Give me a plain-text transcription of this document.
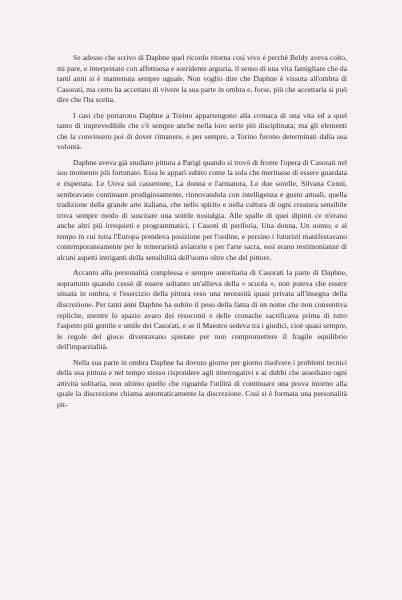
Se adesso che scrivo di Daphne quel ricordo ritorna così vivo è perchè Beldy aveva colto, mi pare, e interpretato con affettuosa e sorridente arguzia, il senso di una vita famigliare che da tanti anni si è mantenuta sempre uguale. Non voglio dire che Daphne è vissuta all'ombra di Casorati, ma certo ha accettato di vivere la sua parte in ombra e, forse, più che accettarla si può dire che l'ha scelta.

I casi che portarono Daphne a Torino appartengono alla cronaca di una vita ed a quel tanto di imprevedibile che c'è sempre anche nella loro serie più disciplinata; ma gli elementi che la convinsero poi di dover rimanere, e per sempre, a Torino furono determinati dalla sua volontà.

Daphne aveva già studiato pittura a Parigi quando si trovò di fronte l'opera di Casorati nel suo momento più fortunato. Essa le apparì subito come la sola che meritasse di essere guardata e rispettata. Le Uova sul cassettone, La donna e l'armatura, Le due sorelle, Silvana Cenni, sembravano continuare prodigiosamente, rinnovandola con intelligenza e gusto attuali, quella tradizione della grande arte italiana, che nello spirito e nella cultura di ogni creatura sensibile trova sempre modo di suscitare una sottile nostalgia. Alle spalle di quei dipinti ce n'erano anche altri più irrequieti e programmatici, i Casoni di periferia, Una donna, Un uomo; e al tempo in cui tutta l'Europa prendeva posizione per l'ordine, e persino i futuristi manifestavano contemporaneamente per le temerarietà aviatorie e per l'arte sacra, essi erano testimonianze di alcuni aspetti intriganti della sensibilità dell'uomo oltre che del pittore.

Accanto alla personalità complessa e sempre autoritaria di Casorati la parte di Daphne, soprattutto quando cessò di essere soltanto un'allieva della « scuola », non poteva che essere situata in ombra, e l'esercizio della pittura reso una necessità quasi privata all'insegna della discrezione. Per tanti anni Daphne ha subito il peso della fama di un nome che non consentiva repliche, mentre lo spazio avaro dei resoconti e delle cronache sacrificava prima di tutto l'aspetto più gentile e umile dei Casorati, e se il Maestro sedeva tra i giudici, cioè quasi sempre, le regole del gioco diventavano spietate per non compromettere il fragile equilibrio dell'imparzialità.

Nella sua parte in ombra Daphne ha dovuto giorno per giorno risolvere i problemi tecnici della sua pittura e nel tempo stesso rispondere agli interrogativi e ai dubbi che assediano ogni attività solitaria, non ultimo quello che riguarda l'utilità di continuare una prova intorno alla quale la discrezione chiama automaticamente la discrezione. Così si è formata una personalità pit-
